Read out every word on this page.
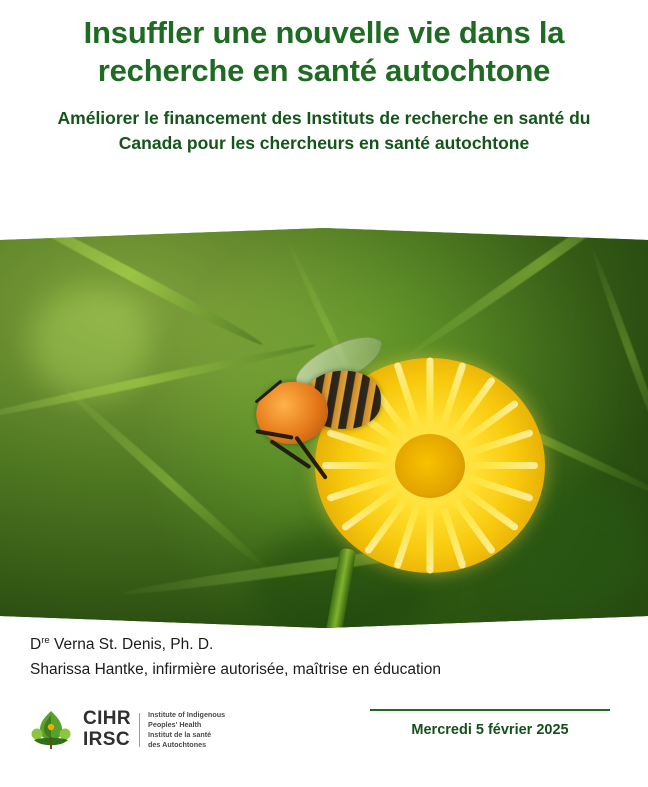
Insuffler une nouvelle vie dans la recherche en santé autochtone
Améliorer le financement des Instituts de recherche en santé du Canada pour les chercheurs en santé autochtone
Dre Verna St. Denis, Ph. D.
Sharissa Hantke, infirmière autorisée, maîtrise en éducation
CIHR
IRSC
Institute of Indigenous
Peoples' Health
Institut de la santé
des Autochtones
Mercredi 5 février 2025
